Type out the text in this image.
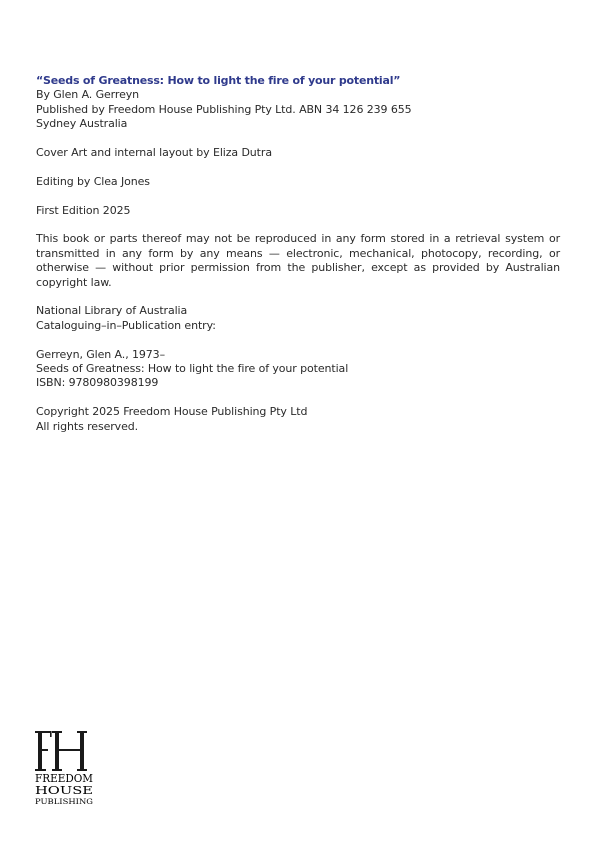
“Seeds of Greatness: How to light the fire of your potential”
By Glen A. Gerreyn
Published by Freedom House Publishing Pty Ltd. ABN 34 126 239 655
Sydney Australia
Cover Art and internal layout by Eliza Dutra
Editing by Clea Jones
First Edition 2025
This book or parts thereof may not be reproduced in any form stored in a retrieval system or transmitted in any form by any means — electronic, mechanical, photocopy, recording, or otherwise — without prior permission from the publisher, except as provided by Australian copyright law.
National Library of Australia
Cataloguing–in–Publication entry:
Gerreyn, Glen A., 1973–
Seeds of Greatness: How to light the fire of your potential
ISBN: 9780980398199
Copyright 2025 Freedom House Publishing Pty Ltd
All rights reserved.
FREEDOM
HOUSE
PUBLISHING
